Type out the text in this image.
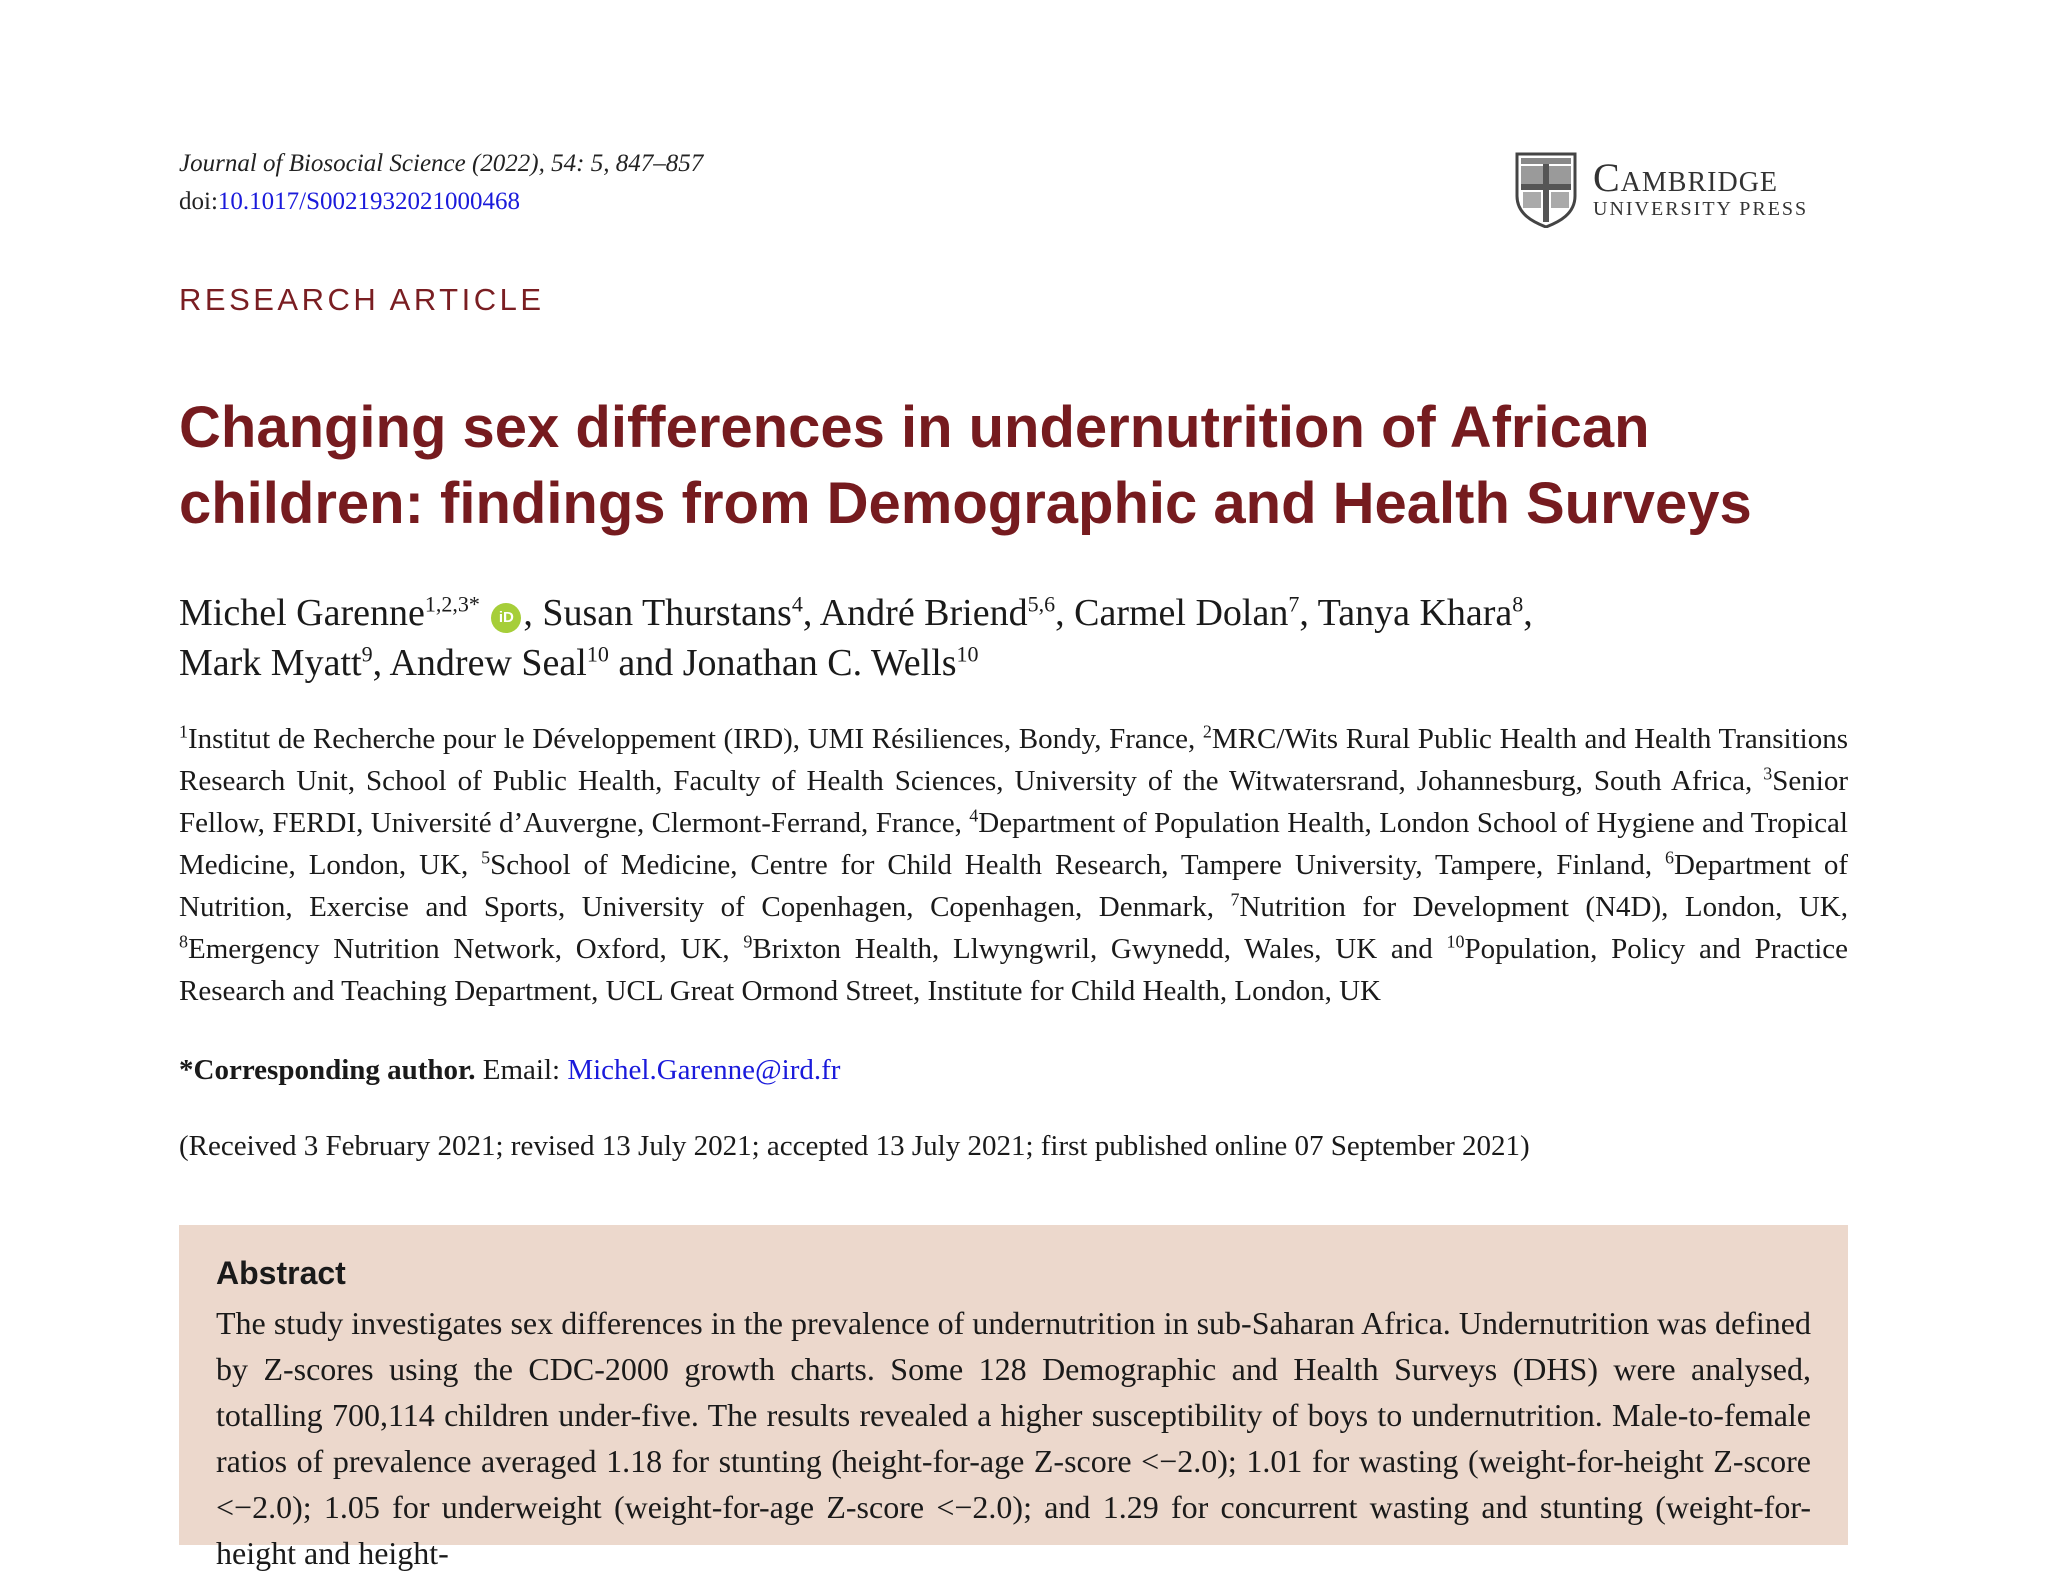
Journal of Biosocial Science (2022), 54: 5, 847–857
doi:10.1017/S0021932021000468
Cambridge
UNIVERSITY PRESS
RESEARCH ARTICLE
Changing sex differences in undernutrition of African
children: findings from Demographic and Health Surveys
Michel Garenne$^{1,2,3*}$ iD , Susan Thurstans$^4$, André Briend$^{5,6}$, Carmel Dolan$^7$, Tanya Khara$^8$,
Mark Myatt$^9$, Andrew Seal$^{10}$ and Jonathan C. Wells$^{10}$
$^1$Institut de Recherche pour le Développement (IRD), UMI Résiliences, Bondy, France, $^2$MRC/Wits Rural Public Health and Health Transitions Research Unit, School of Public Health, Faculty of Health Sciences, University of the Witwatersrand, Johannesburg, South Africa, $^3$Senior Fellow, FERDI, Université d’Auvergne, Clermont-Ferrand, France, $^4$Department of Population Health, London School of Hygiene and Tropical Medicine, London, UK, $^5$School of Medicine, Centre for Child Health Research, Tampere University, Tampere, Finland, $^6$Department of Nutrition, Exercise and Sports, University of Copenhagen, Copenhagen, Denmark, $^7$Nutrition for Development (N4D), London, UK, $^8$Emergency Nutrition Network, Oxford, UK, $^9$Brixton Health, Llwyngwril, Gwynedd, Wales, UK and $^{10}$Population, Policy and Practice Research and Teaching Department, UCL Great Ormond Street, Institute for Child Health, London, UK
*Corresponding author. Email: Michel.Garenne@ird.fr
(Received 3 February 2021; revised 13 July 2021; accepted 13 July 2021; first published online 07 September 2021)
Abstract
The study investigates sex differences in the prevalence of undernutrition in sub-Saharan Africa. Undernutrition was defined by Z-scores using the CDC-2000 growth charts. Some 128 Demographic and Health Surveys (DHS) were analysed, totalling 700,114 children under-five. The results revealed a higher susceptibility of boys to undernutrition. Male-to-female ratios of prevalence averaged 1.18 for stunting (height-for-age Z-score <−2.0); 1.01 for wasting (weight-for-height Z-score <−2.0); 1.05 for underweight (weight-for-age Z-score <−2.0); and 1.29 for concurrent wasting and stunting (weight-for-height and height-
